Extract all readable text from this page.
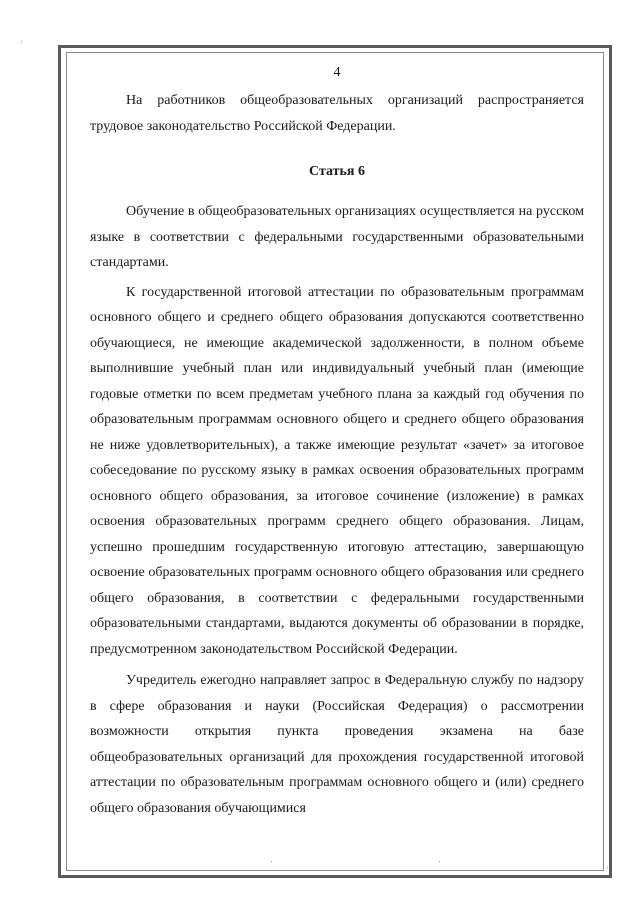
4

На работников общеобразовательных организаций распространяется трудовое законодательство Российской Федерации.

Статья 6

Обучение в общеобразовательных организациях осуществляется на русском языке в соответствии с федеральными государственными образовательными стандартами.

К государственной итоговой аттестации по образовательным программам основного общего и среднего общего образования допускаются соответственно обучающиеся, не имеющие академической задолженности, в полном объеме выполнившие учебный план или индивидуальный учебный план (имеющие годовые отметки по всем предметам учебного плана за каждый год обучения по образовательным программам основного общего и среднего общего образования не ниже удовлетворительных), а также имеющие результат «зачет» за итоговое собеседование по русскому языку в рамках освоения образовательных программ основного общего образования, за итоговое сочинение (изложение) в рамках освоения образовательных программ среднего общего образования. Лицам, успешно прошедшим государственную итоговую аттестацию, завершающую освоение образовательных программ основного общего образования или среднего общего образования, в соответствии с федеральными государственными образовательными стандартами, выдаются документы об образовании в порядке, предусмотренном законодательством Российской Федерации.

Учредитель ежегодно направляет запрос в Федеральную службу по надзору в сфере образования и науки (Российская Федерация) о рассмотрении возможности открытия пункта проведения экзамена на базе общеобразовательных организаций для прохождения государственной итоговой аттестации по образовательным программам основного общего и (или) среднего общего образования обучающимися

'
,	,
'
